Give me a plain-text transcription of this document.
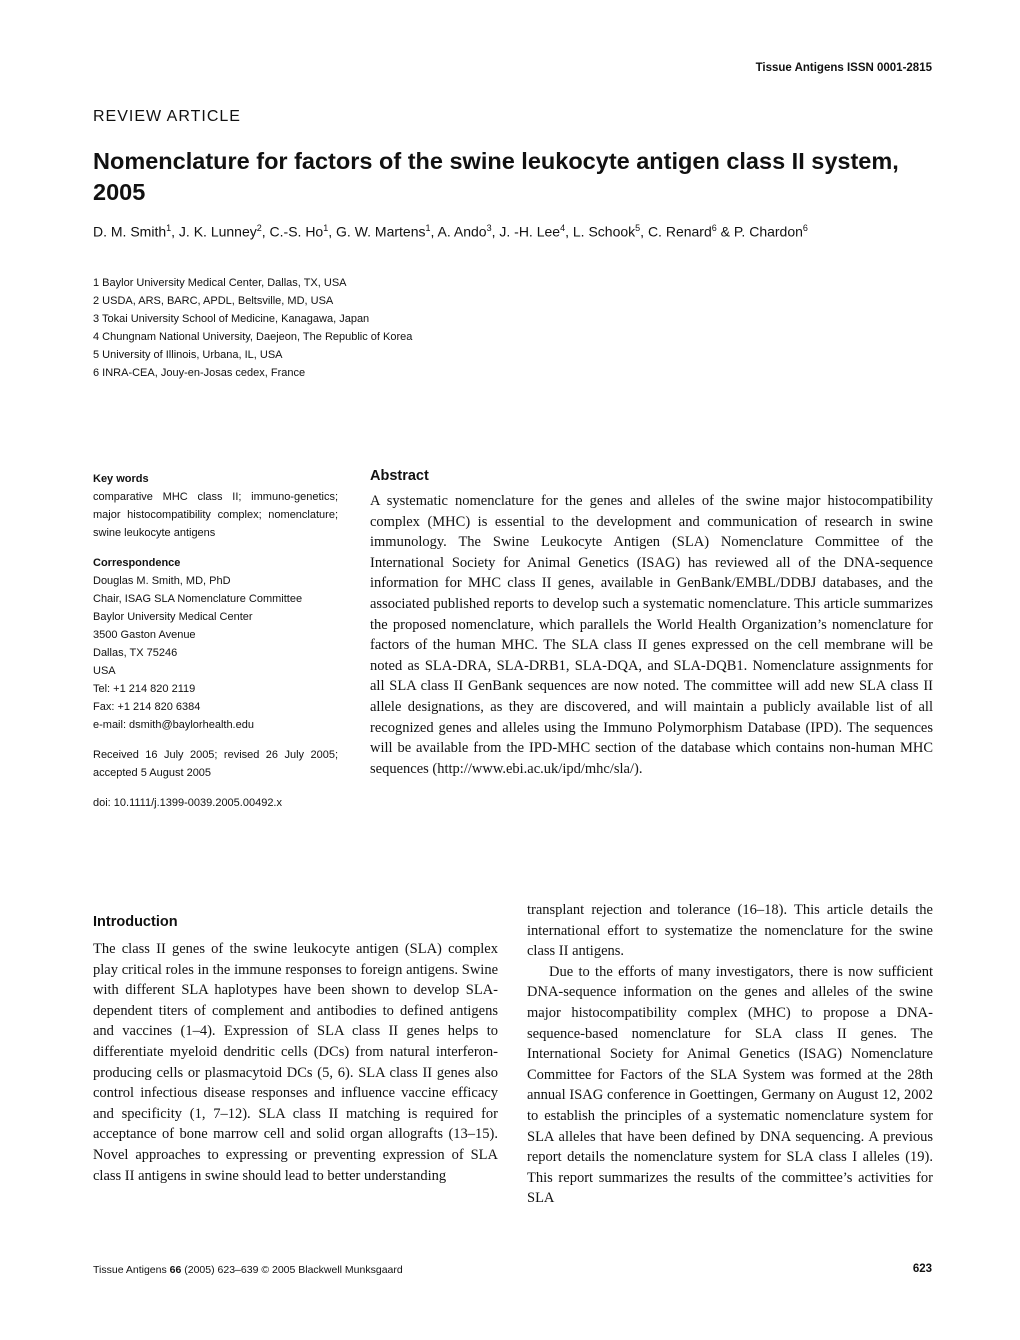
Tissue Antigens ISSN 0001-2815
REVIEW ARTICLE
Nomenclature for factors of the swine leukocyte antigen class II system, 2005
D. M. Smith$^1$, J. K. Lunney$^2$, C.-S. Ho$^1$, G. W. Martens$^1$, A. Ando$^3$, J. -H. Lee$^4$, L. Schook$^5$, C. Renard$^6$ & P. Chardon$^6$
1 Baylor University Medical Center, Dallas, TX, USA
2 USDA, ARS, BARC, APDL, Beltsville, MD, USA
3 Tokai University School of Medicine, Kanagawa, Japan
4 Chungnam National University, Daejeon, The Republic of Korea
5 University of Illinois, Urbana, IL, USA
6 INRA-CEA, Jouy-en-Josas cedex, France
Key words
comparative MHC class II; immuno-genetics; major histocompatibility complex; nomenclature; swine leukocyte antigens
Correspondence
Douglas M. Smith, MD, PhD
Chair, ISAG SLA Nomenclature Committee
Baylor University Medical Center
3500 Gaston Avenue
Dallas, TX 75246
USA
Tel: +1 214 820 2119
Fax: +1 214 820 6384
e-mail: dsmith@baylorhealth.edu
Received 16 July 2005; revised 26 July 2005; accepted 5 August 2005
doi: 10.1111/j.1399-0039.2005.00492.x
Abstract
A systematic nomenclature for the genes and alleles of the swine major histocompatibility complex (MHC) is essential to the development and communication of research in swine immunology. The Swine Leukocyte Antigen (SLA) Nomenclature Committee of the International Society for Animal Genetics (ISAG) has reviewed all of the DNA-sequence information for MHC class II genes, available in GenBank/EMBL/DDBJ databases, and the associated published reports to develop such a systematic nomenclature. This article summarizes the proposed nomenclature, which parallels the World Health Organization’s nomenclature for factors of the human MHC. The SLA class II genes expressed on the cell membrane will be noted as SLA-DRA, SLA-DRB1, SLA-DQA, and SLA-DQB1. Nomenclature assignments for all SLA class II GenBank sequences are now noted. The committee will add new SLA class II allele designations, as they are discovered, and will maintain a publicly available list of all recognized genes and alleles using the Immuno Polymorphism Database (IPD). The sequences will be available from the IPD-MHC section of the database which contains non-human MHC sequences (http://www.ebi.ac.uk/ipd/mhc/sla/).
Introduction
The class II genes of the swine leukocyte antigen (SLA) complex play critical roles in the immune responses to foreign antigens. Swine with different SLA haplotypes have been shown to develop SLA-dependent titers of complement and antibodies to defined antigens and vaccines (1–4). Expression of SLA class II genes helps to differentiate myeloid dendritic cells (DCs) from natural interferon-producing cells or plasmacytoid DCs (5, 6). SLA class II genes also control infectious disease responses and influence vaccine efficacy and specificity (1, 7–12). SLA class II matching is required for acceptance of bone marrow cell and solid organ allografts (13–15). Novel approaches to expressing or preventing expression of SLA class II antigens in swine should lead to better understanding

transplant rejection and tolerance (16–18). This article details the international effort to systematize the nomenclature for the swine class II antigens.

Due to the efforts of many investigators, there is now sufficient DNA-sequence information on the genes and alleles of the swine major histocompatibility complex (MHC) to propose a DNA-sequence-based nomenclature for SLA class II genes. The International Society for Animal Genetics (ISAG) Nomenclature Committee for Factors of the SLA System was formed at the 28th annual ISAG conference in Goettingen, Germany on August 12, 2002 to establish the principles of a systematic nomenclature system for SLA alleles that have been defined by DNA sequencing. A previous report details the nomenclature system for SLA class I alleles (19). This report summarizes the results of the committee’s activities for SLA

Tissue Antigens 66 (2005) 623–639 © 2005 Blackwell Munksgaard	623
